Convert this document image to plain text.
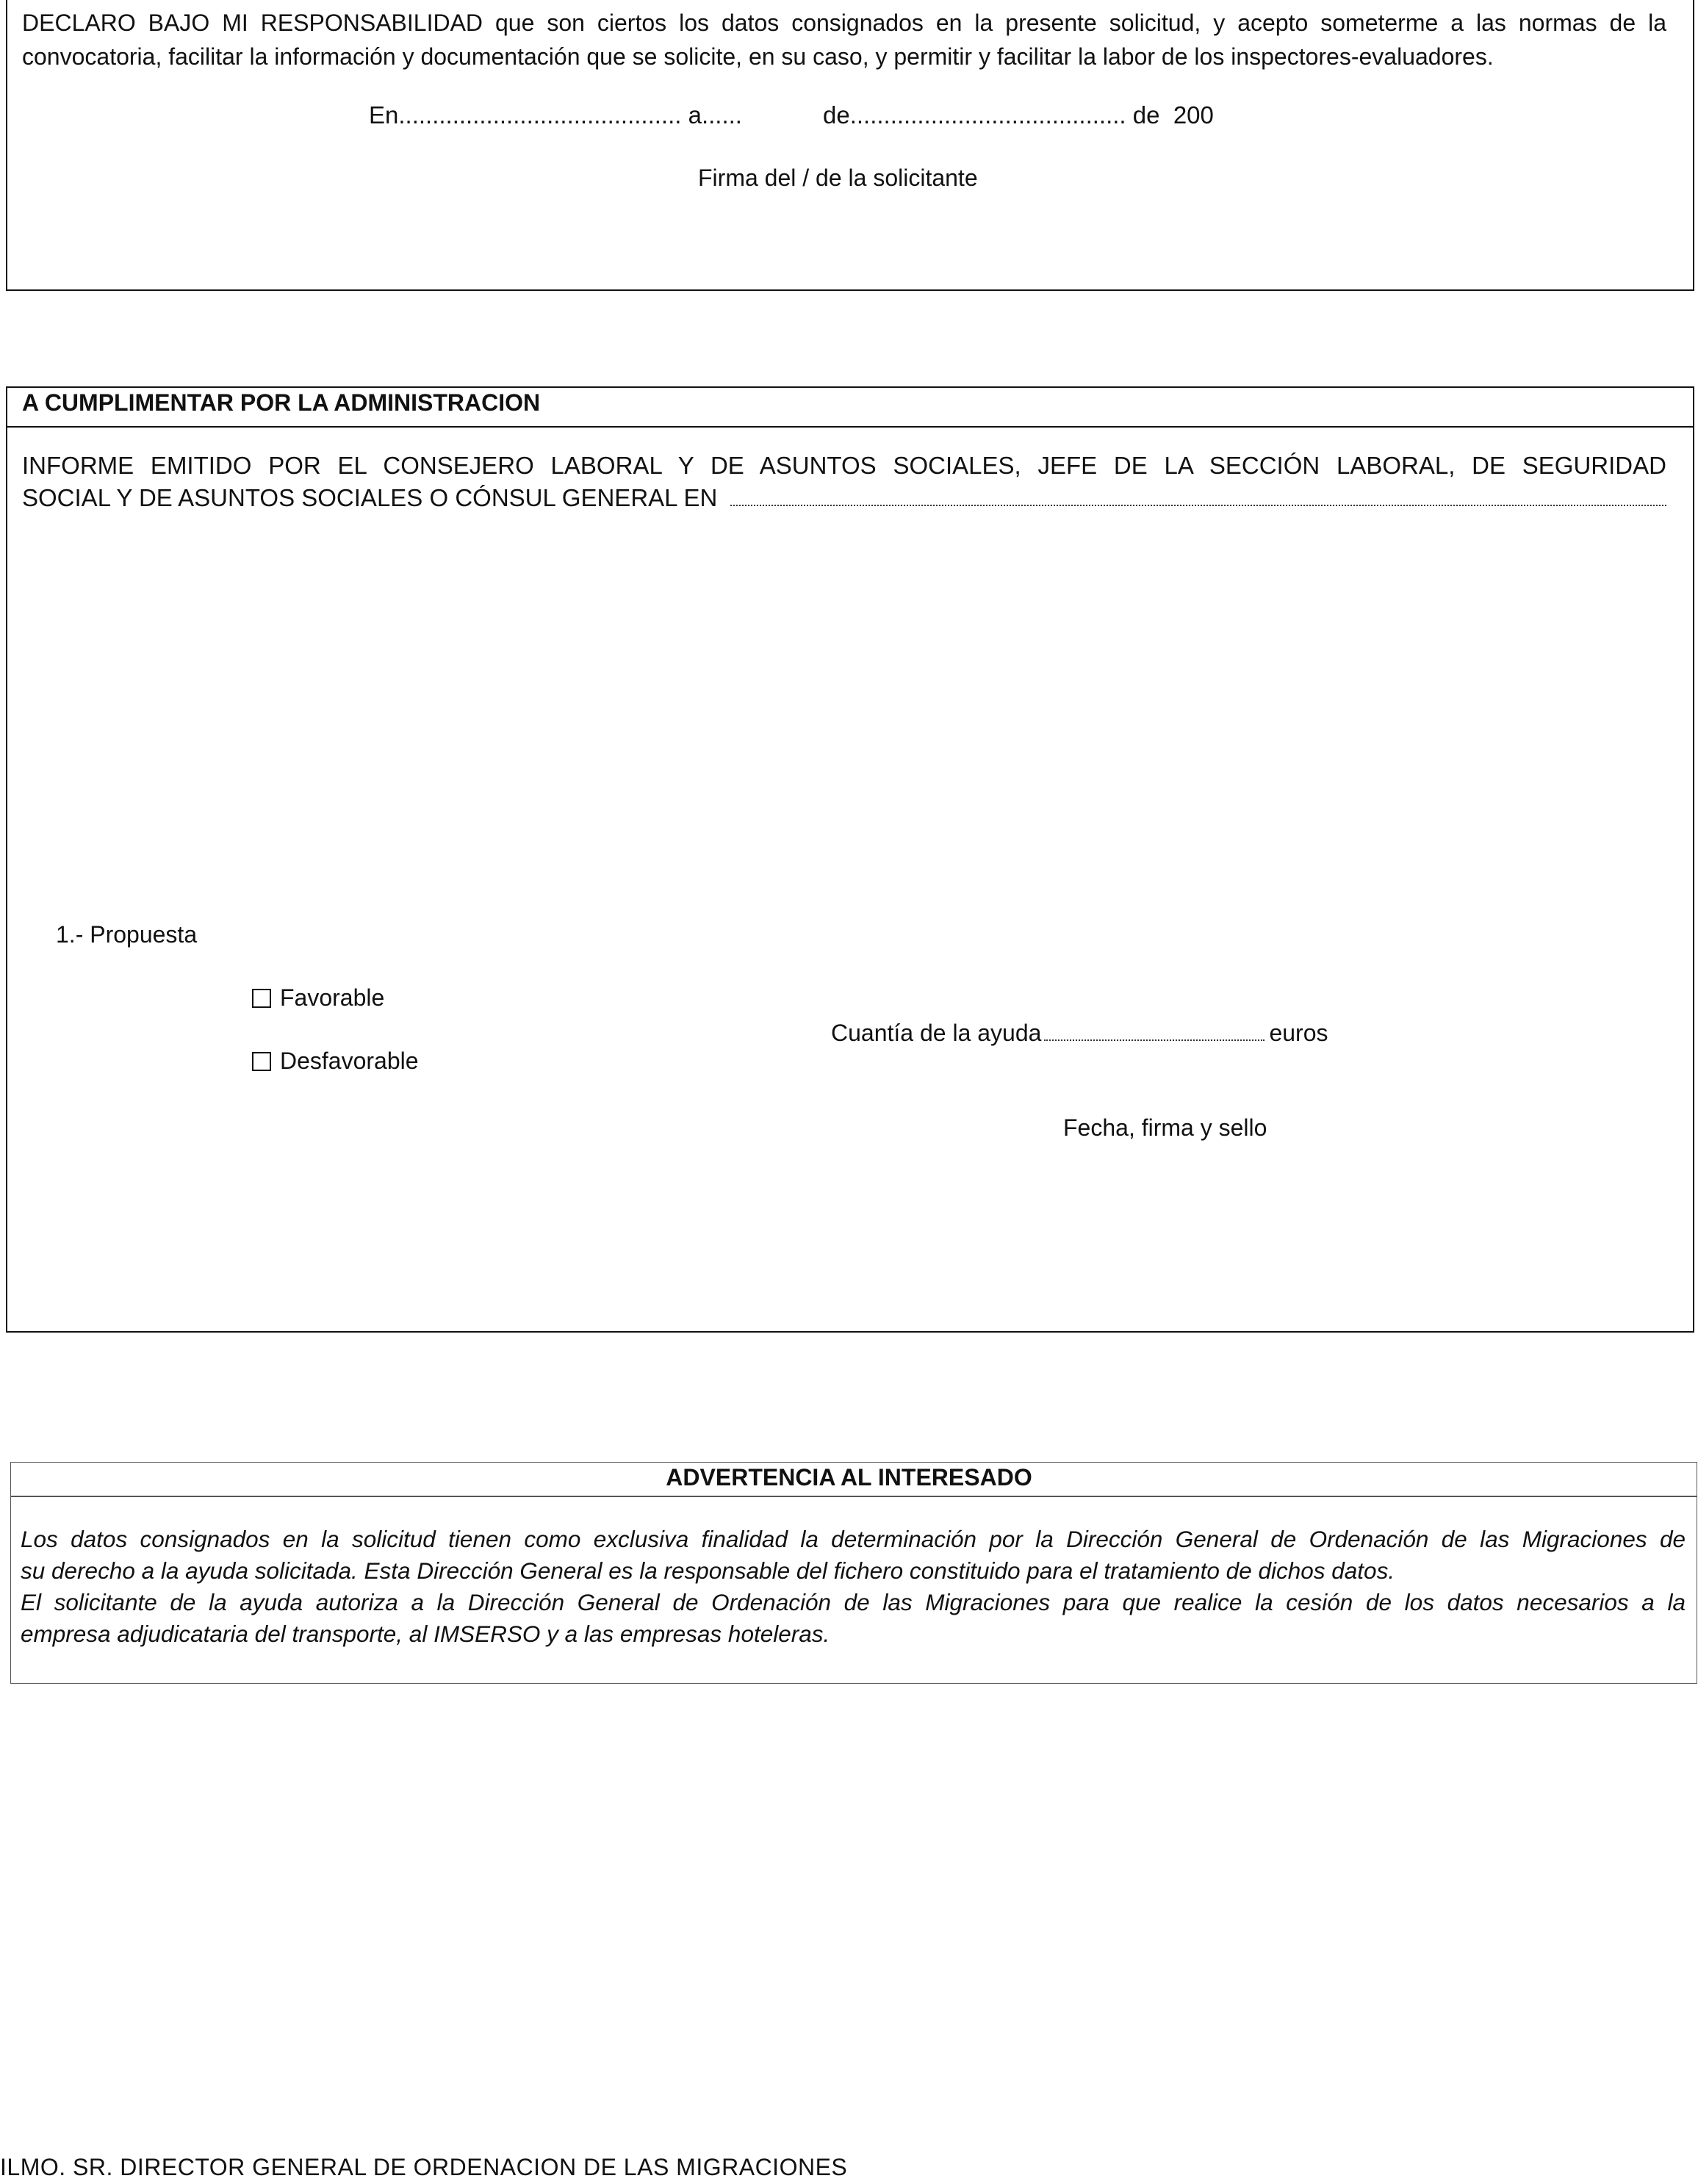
DECLARO BAJO MI RESPONSABILIDAD que son ciertos los datos consignados en la presente solicitud, y acepto someterme a las normas de la
convocatoria, facilitar la información y documentación que se solicite, en su caso, y permitir y facilitar la labor de los inspectores-evaluadores.
En.......................................... a......            de......................................... de  200
Firma del / de la solicitante
A CUMPLIMENTAR POR LA ADMINISTRACION
INFORME EMITIDO POR EL CONSEJERO LABORAL Y DE ASUNTOS SOCIALES, JEFE DE LA SECCIÓN LABORAL, DE SEGURIDAD
SOCIAL Y DE ASUNTOS SOCIALES O CÓNSUL GENERAL EN
1.- Propuesta
Favorable
Desfavorable
Cuantía de la ayuda	euros
Fecha, firma y sello
ADVERTENCIA AL INTERESADO
Los datos consignados en la solicitud tienen como exclusiva finalidad la determinación por la Dirección General de Ordenación de las Migraciones de
su derecho a la ayuda solicitada. Esta Dirección General es la responsable del fichero constituido para el tratamiento de dichos datos.
El solicitante de la ayuda autoriza a la Dirección General de Ordenación de las Migraciones para que realice la cesión de los datos necesarios a la
empresa adjudicataria del transporte, al IMSERSO y a las empresas hoteleras.
ILMO. SR. DIRECTOR GENERAL DE ORDENACION DE LAS MIGRACIONES
